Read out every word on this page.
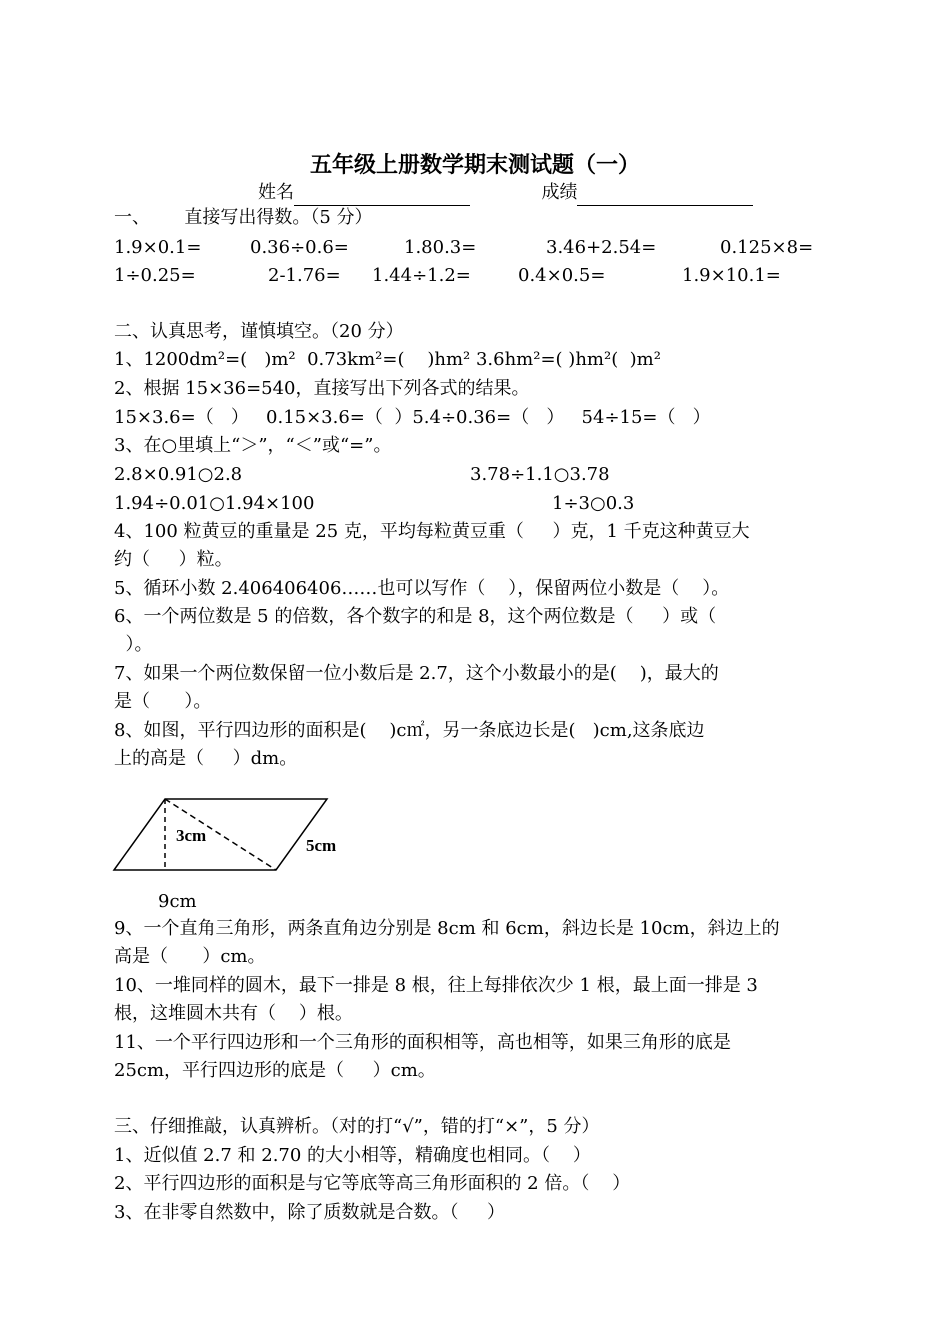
五年级上册数学期末测试题（一）
姓名	成绩
一、      直接写出得数。（5 分）
1.9×0.1=	0.36÷0.6=	1.80.3=	3.46+2.54=	0.125×8=
1÷0.25=	2-1.76= 1.44÷1.2=	0.4×0.5=	1.9×10.1=
二、认真思考，谨慎填空。（20 分）
1、1200dm²=(   )m²  0.73km²=(    )hm² 3.6hm²=( )hm²(  )m²
2、根据 15×36=540，直接写出下列各式的结果。
15×3.6=（   ）   0.15×3.6=（  ）5.4÷0.36=（   ）   54÷15=（   ）
3、在○里填上“＞”，“＜”或“=”。
2.8×0.91○2.8	3.78÷1.1○3.78
1.94÷0.01○1.94×100	1÷3○0.3
4、100 粒黄豆的重量是 25 克，平均每粒黄豆重（     ）克，1 千克这种黄豆大
约（     ）粒。
5、循环小数 2.406406406……也可以写作（    ），保留两位小数是（    ）。
6、一个两位数是 5 的倍数，各个数字的和是 8，这个两位数是（     ）或（
）。
7、如果一个两位数保留一位小数后是 2.7，这个小数最小的是(    )，最大的
是（      ）。
8、如图，平行四边形的面积是(    )c㎡，另一条底边长是(   )cm,这条底边
上的高是（     ）dm。
3cm
5cm
9cm
9、一个直角三角形，两条直角边分别是 8cm 和 6cm，斜边长是 10cm，斜边上的
高是（      ）cm。
10、一堆同样的圆木，最下一排是 8 根，往上每排依次少 1 根，最上面一排是 3
根，这堆圆木共有（    ）根。
11、一个平行四边形和一个三角形的面积相等，高也相等，如果三角形的底是
25cm，平行四边形的底是（     ）cm。
三、仔细推敲，认真辨析。（对的打“√”，错的打“×”，5 分）
1、近似值 2.7 和 2.70 的大小相等，精确度也相同。（    ）
2、平行四边形的面积是与它等底等高三角形面积的 2 倍。（    ）
3、在非零自然数中，除了质数就是合数。（     ）
